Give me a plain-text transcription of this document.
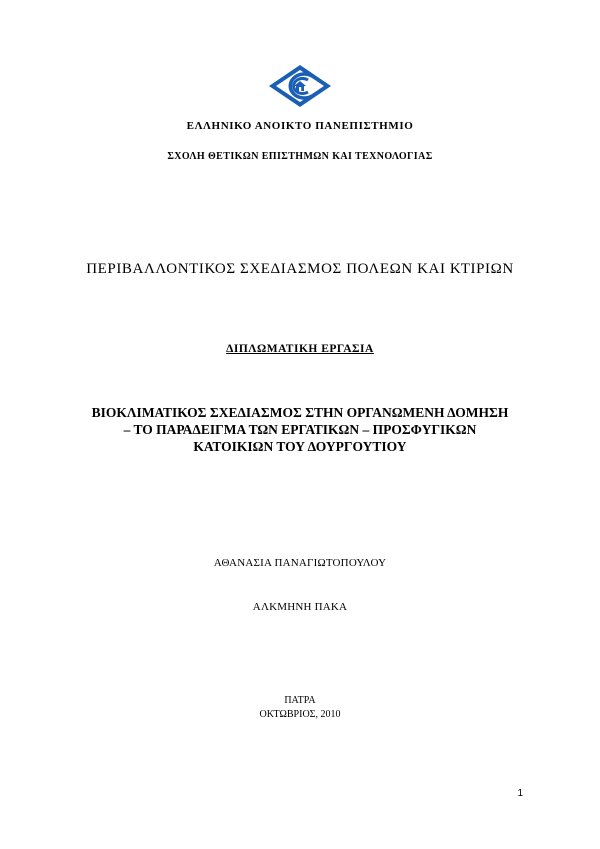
ΕΛΛΗΝΙΚΟ ΑΝΟΙΚΤΟ ΠΑΝΕΠΙΣΤΗΜΙΟ
ΣΧΟΛΗ ΘΕΤΙΚΩΝ ΕΠΙΣΤΗΜΩΝ ΚΑΙ ΤΕΧΝΟΛΟΓΙΑΣ
ΠΕΡΙΒΑΛΛΟΝΤΙΚΟΣ ΣΧΕΔΙΑΣΜΟΣ ΠΟΛΕΩΝ ΚΑΙ ΚΤΙΡΙΩΝ
ΔΙΠΛΩΜΑΤΙΚΗ ΕΡΓΑΣΙΑ
ΒΙΟΚΛΙΜΑΤΙΚΟΣ ΣΧΕΔΙΑΣΜΟΣ ΣΤΗΝ ΟΡΓΑΝΩΜΕΝΗ ΔΟΜΗΣΗ
– ΤΟ ΠΑΡΑΔΕΙΓΜΑ ΤΩΝ ΕΡΓΑΤΙΚΩΝ – ΠΡΟΣΦΥΓΙΚΩΝ
ΚΑΤΟΙΚΙΩΝ ΤΟΥ ΔΟΥΡΓΟΥΤΙΟΥ
ΑΘΑΝΑΣΙΑ ΠΑΝΑΓΙΩΤΟΠΟΥΛΟΥ
ΑΛΚΜΗΝΗ ΠΑΚΑ
ΠΑΤΡΑ
ΟΚΤΩΒΡΙΟΣ, 2010
1
